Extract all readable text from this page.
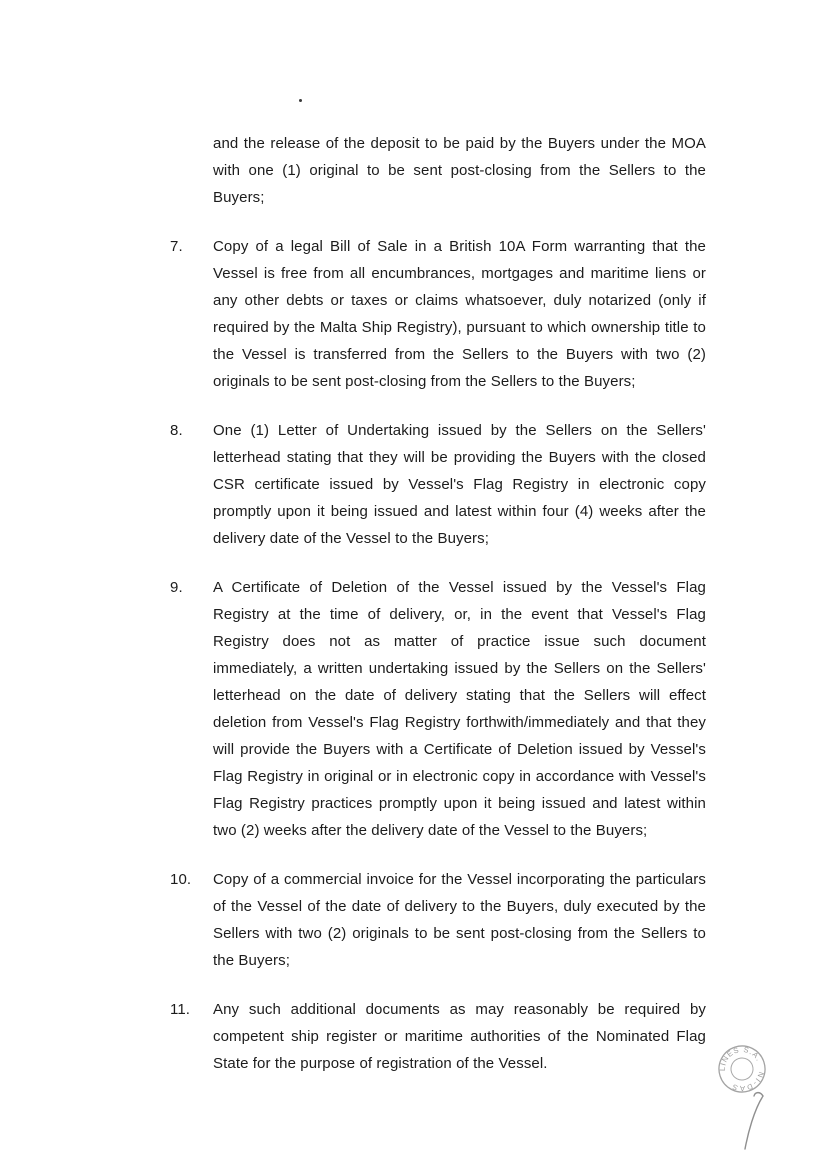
and the release of the deposit to be paid by the Buyers under the MOA with one (1) original to be sent post-closing from the Sellers to the Buyers;
7.	Copy of a legal Bill of Sale in a British 10A Form warranting that the Vessel is free from all encumbrances, mortgages and maritime liens or any other debts or taxes or claims whatsoever, duly notarized (only if required by the Malta Ship Registry), pursuant to which ownership title to the Vessel is transferred from the Sellers to the Buyers with two (2) originals to be sent post-closing from the Sellers to the Buyers;
8.	One (1) Letter of Undertaking issued by the Sellers on the Sellers' letterhead stating that they will be providing the Buyers with the closed CSR certificate issued by Vessel's Flag Registry in electronic copy promptly upon it being issued and latest within four (4) weeks after the delivery date of the Vessel to the Buyers;
9.	A Certificate of Deletion of the Vessel issued by the Vessel's Flag Registry at the time of delivery, or, in the event that Vessel's Flag Registry does not as matter of practice issue such document immediately, a written undertaking issued by the Sellers on the Sellers' letterhead on the date of delivery stating that the Sellers will effect deletion from Vessel's Flag Registry forthwith/immediately and that they will provide the Buyers with a Certificate of Deletion issued by Vessel's Flag Registry in original or in electronic copy in accordance with Vessel's Flag Registry practices promptly upon it being issued and latest within two (2) weeks after the delivery date of the Vessel to the Buyers;
10.	Copy of a commercial invoice for the Vessel incorporating the particulars of the Vessel of the date of delivery to the Buyers, duly executed by the Sellers with two (2) originals to be sent post-closing from the Sellers to the Buyers;
11.	Any such additional documents as may reasonably be required by competent ship register or maritime authorities of the Nominated Flag State for the purpose of registration of the Vessel.	LINES S.A.
NI-DAS
